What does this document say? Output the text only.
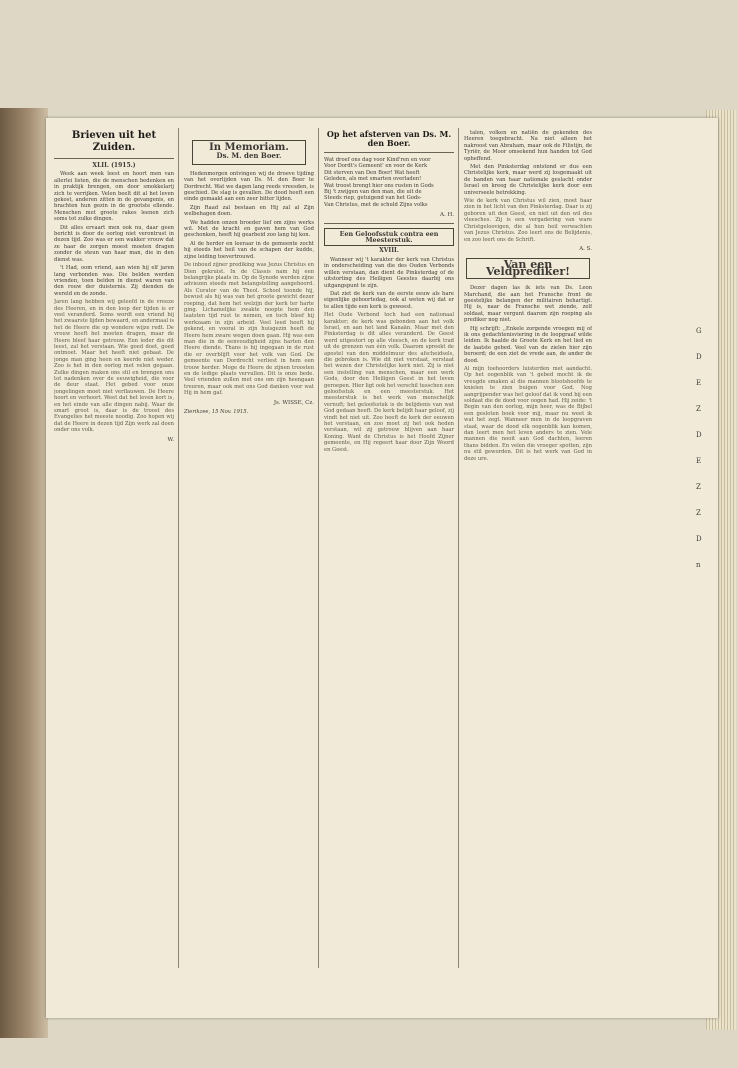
Brieven uit het Zuiden.
XLII. (1915.)

Week aan week leest en hoort men van allerlei listen, die de menschen bedenken en in praktijk brengen, om door smokkelarij zich te verrijken. Velen beelt dit al het leven gekost, anderen zitten in de gevangenis, en brachten hun gezin in de grootste ellende. Menschen met groote rakes leenen zich soms tot zulke dingen.

Dit alles ervaart men ook nu, daar geen bericht is door de oorlog niet verontrust in dezen tijd. Zoo was er een wakker vrouw dat ze haar de zorgen moest moeten dragen zonder de steun van haar man, die in den dienst was.

't Had, oom vriend, aan wien hij elf jaren lang verbonden was. Die belden werden vrienden, toen belden in dienst waren van den rouw der duisternis. Zij dienden de wereld en de zonde.

Jaren lang hebben wij geleefd in de vreeze des Heeren, en in den loop der tijden is er veel veranderd. Soms wordt een vriend bij het zwaarste lijden bewaard, en andermaal is het de Heere die op wondere wijze redt. De vrouw heeft het moeten dragen, maar de Heere bleef haar getrouw. Een ieder die dit leest, zal het verstaan. Wie goed doet, goed ontmoet. Maar het heeft niet gebaat. De jonge man ging heen en keerde niet weder. Zoo is het in den oorlog met velen gegaan. Zulke dingen maken ons stil en brengen ons tot nadenken over de eeuwigheid, die voor de deur staat. Het gebed voor onze jongelingen moet niet verflauwen. De Heere hoort en verhoort. Weet dat het leven kort is, en het einde van alle dingen nabij. Waar de smart groot is, daar is de troost des Evangelies het meeste noodig. Zoo hopen wij dat de Heere in dezen tijd Zijn werk zal doen onder ons volk.
W.
In Memoriam.
Ds. M. den Boer.

Hedenmorgen ontvingen wij de droeve tijding van het overlijden van Ds. M. den Boer te Dordrecht. Wat we dagen lang reeds vreesden, is geschied. De slag is gevallen. De dood heeft een einde gemaakt aan een zeer bitter lijden.

Zijn Raad zal bestaan en Hij zal al Zijn welbehagen doen.

We hadden onzen broeder lief om zijns werks wil. Met de kracht en gaven hem van God geschonken, heeft hij gearbeid zoo lang hij kon.

Al de herder en leeraar in de gemeente zocht hij steeds het heil van de schapen der kudde, zijne leiding toevertrouwd.

De inboud zijner prediking was Jezus Christus en Dien gekruist. In de Classis nam hij een belangrijke plaats in. Op de Synode werden zijne adviezen steeds met belangstelling aangehoord. Als Curator van de Theol. School toonde hij, bewust als hij was van het groote gewicht dezer roeping, dat hem het welzijn der kerk ter harte ging. Lichamelijke zwakte noopte hem den laatsten tijd rust te nemen, en toch bleef hij werkzaam in zijn arbeid. Veel leed heeft hij gekend, en vooral in zijn huisgezin heeft de Heere hem zware wegen doen gaan. Hij was een man die in de eenvoudigheid zijns harten den Heere diende. Thans is hij ingegaan in de rust die er overblijft voor het volk van God. De gemeente van Dordrecht verliest in hem een trouw herder. Moge de Heere de zijnen troosten en de ledige plaats vervullen. Dit is onze bede. Veel vrienden zullen met ons om zijn heengaan treuren, maar ook met ons God danken voor wat Hij in hem gaf.
Js. WISSE, Cz.
Zierikzee, 15 Nov. 1915.
Op het afsterven van Ds. M. den Boer.
Wat droef ons dag voor Kind'ren en voor
Voor Dordt's Gemeent' en voor de Kerk
Dit sterven van Den Boer! Wat heeft
Geleden, als met smarten overladen!
Wat troost brengt hier ons rusten in Gods
Bij 't zwijgen van den man, die uit de
Steeds riep, getuigend van het Gods-
Van Christus, met de schuld Zijns volks
A. H.
Een Geloofsstuk contra een Meesterstuk.
XVIII.

Wanneer wij 't karakter der kerk van Christus in onderscheiding van die des Ouden Verbonds willen verstaan, dan dient de Pinksterdag of de uitstorting des Heiligen Geestes daarbij ons uitgangspunt te zijn.

Dat ziet de kerk van de eerste eeuw als hare eigenlijke geboortedag, ook al weten wij dat er te allen tijde een kerk is geweest.

Het Oude Verbond toch had een nationaal karakter; de kerk was gebonden aan het volk Israel, en aan het land Kanaän. Maar met den Pinksterdag is dit alles veranderd. De Geest werd uitgestort op alle vleesch, en de kerk trad uit de grenzen van één volk. Daarom spreekt de apostel van den middelmuur des afscheidsels, die gebroken is. Wie dit niet verstaat, verstaat het wezen der Christelijke kerk niet. Zij is niet een instelling van menschen, maar een werk Gods, door den Heiligen Geest in het leven geroepen. Hier ligt ook het verschil tusschen een geloofsstuk en een meesterstuk. Het meesterstuk is het werk van menschelijk vernuft; het geloofsstuk is de belijdenis van wat God gedaan heeft. De kerk belijdt haar geloof, zij vindt het niet uit. Zoo heeft de kerk der eeuwen het verstaan, en zoo moet zij het ook heden verstaan, wil zij getrouw blijven aan haar Koning. Want de Christus is het Hoofd Zijner gemeente, en Hij regeert haar door Zijn Woord en Geest.

talen, volken en natiën de gekenden des Heeren toegebracht. Na niet alleen het nakroost van Abraham, maar ook de Filistijn, de Tyriër, de Moor omsekend hun handen tot God opheffend.

Met den Pinksterdag ontstond er dus een Christelijke kerk, maar werd zij losgemaakt uit de banden van haar nationale geslacht onder Israel en kreeg de Christelijke kerk door een universeele betrekking.

Wie de kerk van Christus wil zien, moet haar zien in het licht van den Pinksterdag. Daar is zij geboren uit den Geest, en niet uit den wil des vleesches. Zij is een vergadering van ware Christgeloovigen, die al hun heil verwachten van Jezus Christus. Zoo leert ons de Belijdenis, en zoo leert ons de Schrift.
A. S.
Van een Veldprediker!

Dezer dagen las ik iets van Ds. Leon Marchand, die aan het Fransche front de geestelijke belangen der militairen behartigt. Hij is, naar de Fransche wet ziende, zelf soldaat, maar vergunt daarom zijn roeping als prediker nog niet.

Hij schrijft: ,,Enkele zorgende vroegen mij of ik ons gedachtenisviering in de loopgraaf wilde leiden. Ik haalde de Groote Kerk en het lied en de laatste gebed. Veel van de zielen hier zijn beroerd; de een ziet de vrede aan, de ander de dood.

Al mijn toehoorders luisterden met aandacht. Op het oogenblik van 't gebed mocht ik de vreugde smaken al die mannen blootshoofds te knielen te zien buigen voor God. Nog aangrijpender was het geloof dat ik vond bij een soldaat die de dood voor oogen had. Hij zeide: 't Begin van den oorlog, mijn heer, was de Bijbel een gesloten boek voor mij, maar nu weet ik wat het zegt. Wanneer men in de loopgraven staat, waar de dood elk oogenblik kan komen, dan leert men het leven anders te zien. Vele mannen die nooit aan God dachten, leeren thans bidden. En velen die vroeger spotten, zijn nu stil geworden. Dit is het werk van God in deze ure.
G
D
E
Z
D
E
Z
Z
D
n
